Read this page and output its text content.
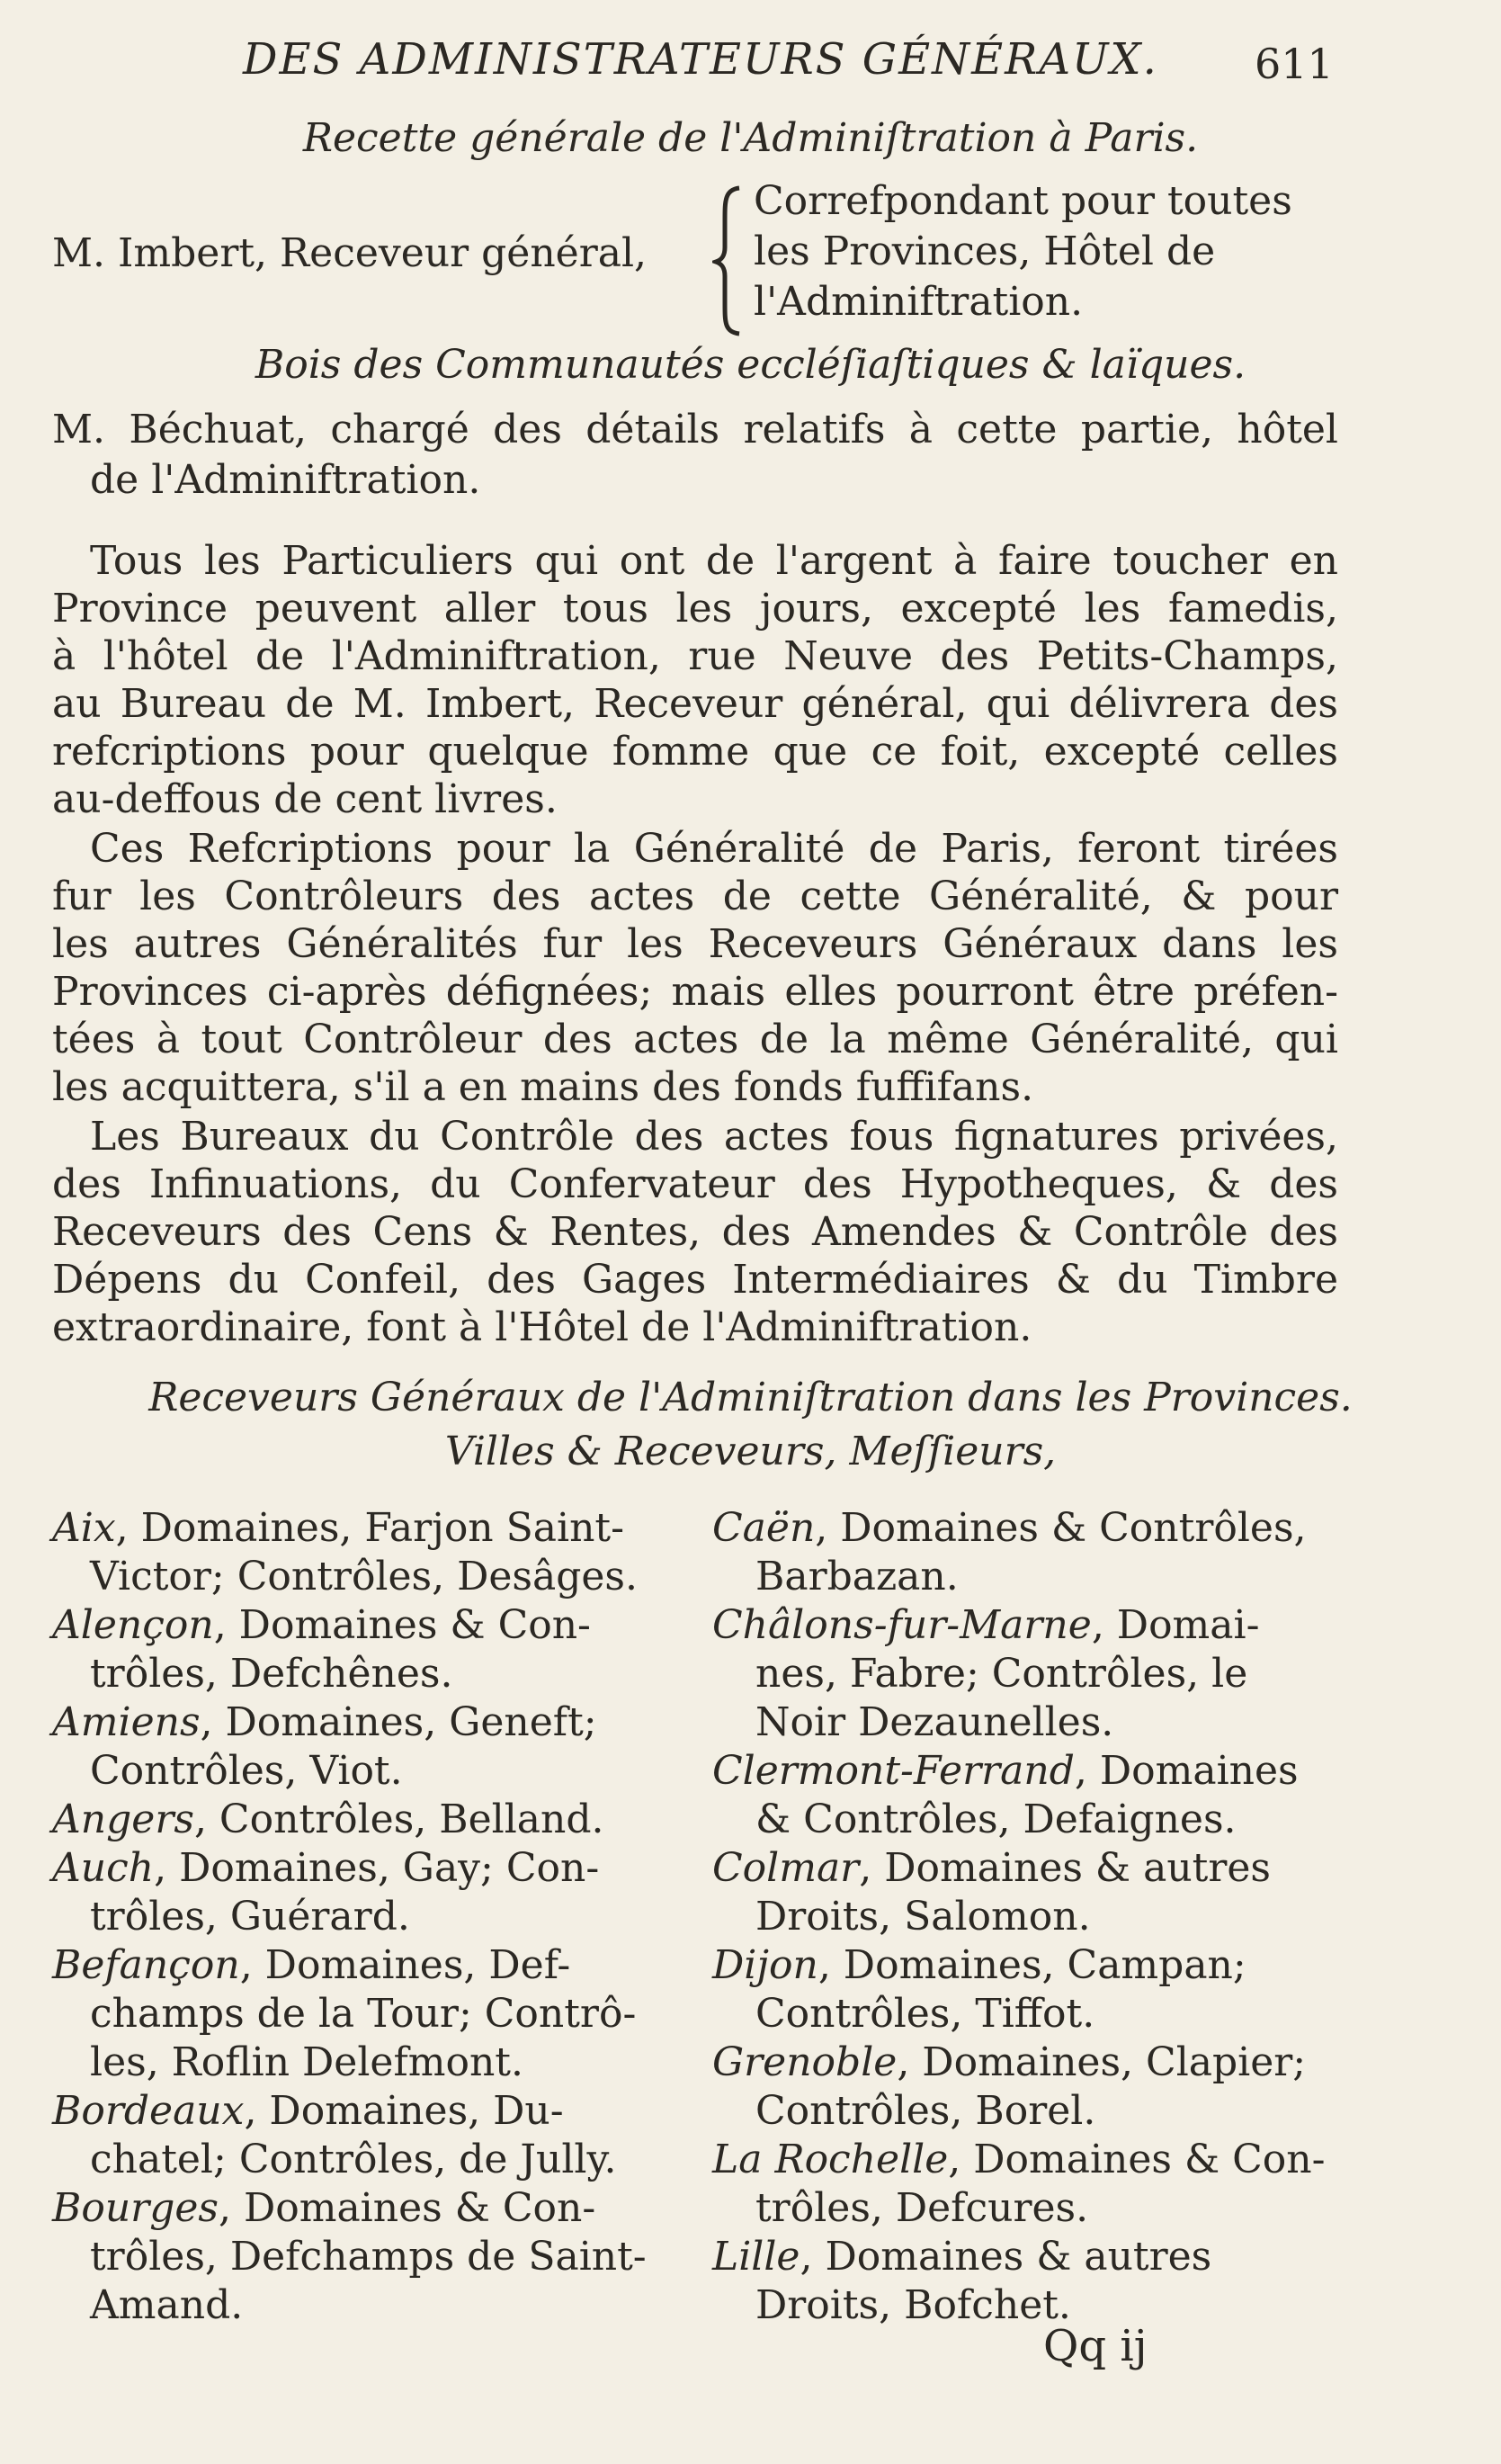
DES ADMINISTRATEURS GÉNÉRAUX.	611
Recette générale de l'Adminiſtration à Paris.
M. Imbert, Receveur général,
Correfpondant pour toutes
les Provinces, Hôtel de
l'Adminiftration.
Bois des Communautés eccléſiaſtiques & laïques.
M. Béchuat, chargé des détails relatifs à cette partie, hôtel
de l'Adminiftration.
Tous les Particuliers qui ont de l'argent à faire toucher en
Province peuvent aller tous les jours, excepté les famedis,
à l'hôtel de l'Adminiftration, rue Neuve des Petits-Champs,
au Bureau de M. Imbert, Receveur général, qui délivrera des
refcriptions pour quelque fomme que ce foit, excepté celles
au-deffous de cent livres.
Ces Refcriptions pour la Généralité de Paris, feront tirées
fur les Contrôleurs des actes de cette Généralité, & pour
les autres Généralités fur les Receveurs Généraux dans les
Provinces ci-après défignées; mais elles pourront être préfen-
tées à tout Contrôleur des actes de la même Généralité, qui
les acquittera, s'il a en mains des fonds fuffifans.
Les Bureaux du Contrôle des actes fous fignatures privées,
des Infinuations, du Confervateur des Hypotheques, & des
Receveurs des Cens & Rentes, des Amendes & Contrôle des
Dépens du Confeil, des Gages Intermédiaires & du Timbre
extraordinaire, font à l'Hôtel de l'Adminiftration.
Receveurs Généraux de l'Adminiſtration dans les Provinces.
Villes & Receveurs, Meſſieurs,
Aix, Domaines, Farjon Saint-
Victor; Contrôles, Desâges.
Alençon, Domaines & Con-
trôles, Defchênes.
Amiens, Domaines, Geneft;
Contrôles, Viot.
Angers, Contrôles, Belland.
Auch, Domaines, Gay; Con-
trôles, Guérard.
Befançon, Domaines, Def-
champs de la Tour; Contrô-
les, Roflin Delefmont.
Bordeaux, Domaines, Du-
chatel; Contrôles, de Jully.
Bourges, Domaines & Con-
trôles, Defchamps de Saint-
Amand.
Caën, Domaines & Contrôles,
Barbazan.
Châlons-fur-Marne, Domai-
nes, Fabre; Contrôles, le
Noir Dezaunelles.
Clermont-Ferrand, Domaines
& Contrôles, Defaignes.
Colmar, Domaines & autres
Droits, Salomon.
Dijon, Domaines, Campan;
Contrôles, Tiffot.
Grenoble, Domaines, Clapier;
Contrôles, Borel.
La Rochelle, Domaines & Con-
trôles, Defcures.
Lille, Domaines & autres
Droits, Bofchet.
Qq ij
